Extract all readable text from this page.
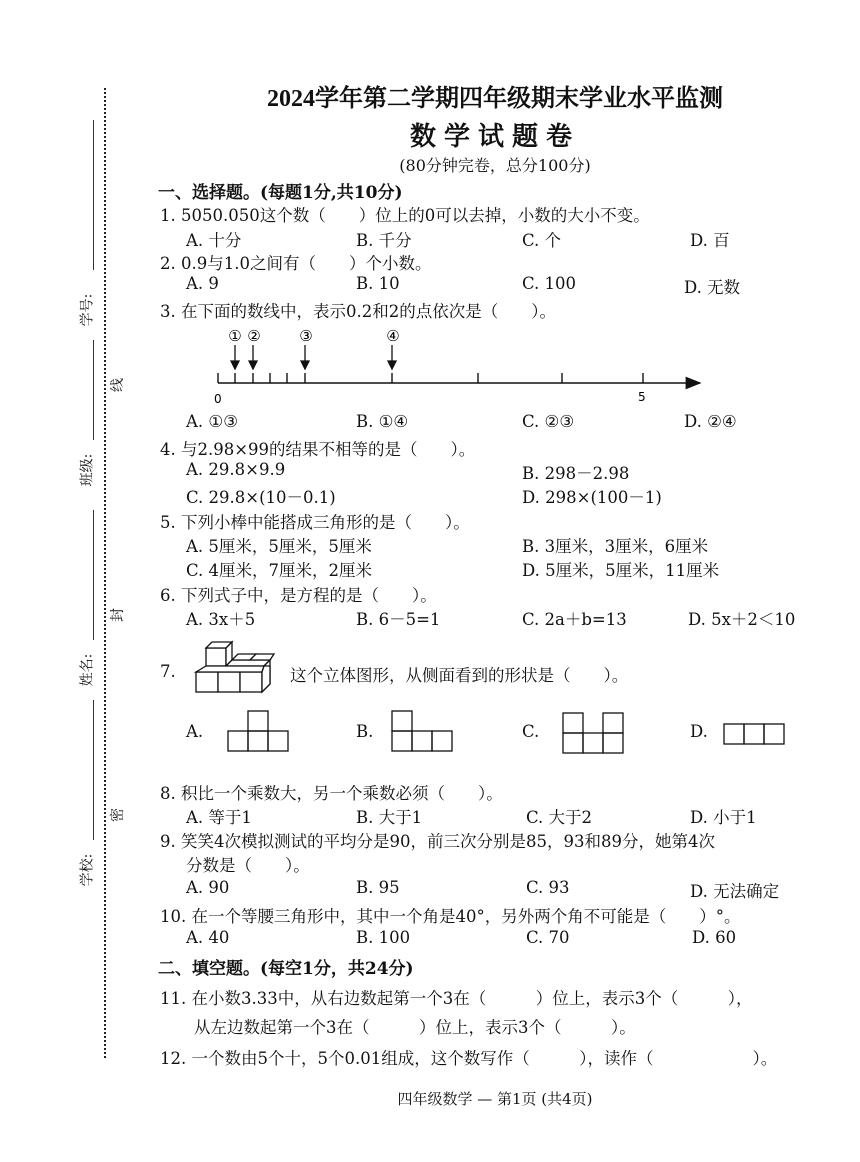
学号:
班级:
姓名:
学校:
线
封
密
2024学年第二学期四年级期末学业水平监测
数学试题卷
(80分钟完卷，总分100分)
一、选择题。(每题1分,共10分)
1. 5050.050这个数（　　）位上的0可以去掉，小数的大小不变。
A. 十分	B. 千分	C. 个	D. 百
2. 0.9与1.0之间有（　　）个小数。
A. 9	B. 10	C. 100	D. 无数
3. 在下面的数线中，表示0.2和2的点依次是（　　）。
① ②	③	④
0	5
A. ①③	B. ①④	C. ②③	D. ②④
4. 与2.98×99的结果不相等的是（　　）。
A. 29.8×9.9	B. 298－2.98
C. 29.8×(10－0.1)	D. 298×(100－1)
5. 下列小棒中能搭成三角形的是（　　）。
A. 5厘米，5厘米，5厘米	B. 3厘米，3厘米，6厘米
C. 4厘米，7厘米，2厘米	D. 5厘米，5厘米，11厘米
6. 下列式子中，是方程的是（　　）。
A. 3x＋5	B. 6－5=1	C. 2a＋b=13	D. 5x＋2＜10
7.	这个立体图形，从侧面看到的形状是（　　）。
A.	B.	C.	D.
8. 积比一个乘数大，另一个乘数必须（　　）。
A. 等于1	B. 大于1	C. 大于2	D. 小于1
9. 笑笑4次模拟测试的平均分是90，前三次分别是85，93和89分，她第4次
分数是（　　）。
A. 90	B. 95	C. 93	D. 无法确定
10. 在一个等腰三角形中，其中一个角是40°，另外两个角不可能是（　　）°。
A. 40	B. 100	C. 70	D. 60
二、填空题。(每空1分，共24分)
11. 在小数3.33中，从右边数起第一个3在（　　　）位上，表示3个（　　　），
从左边数起第一个3在（　　　）位上，表示3个（　　　）。
12. 一个数由5个十，5个0.01组成，这个数写作（　　　），读作（　　　　　　）。
四年级数学 — 第1页 (共4页)
